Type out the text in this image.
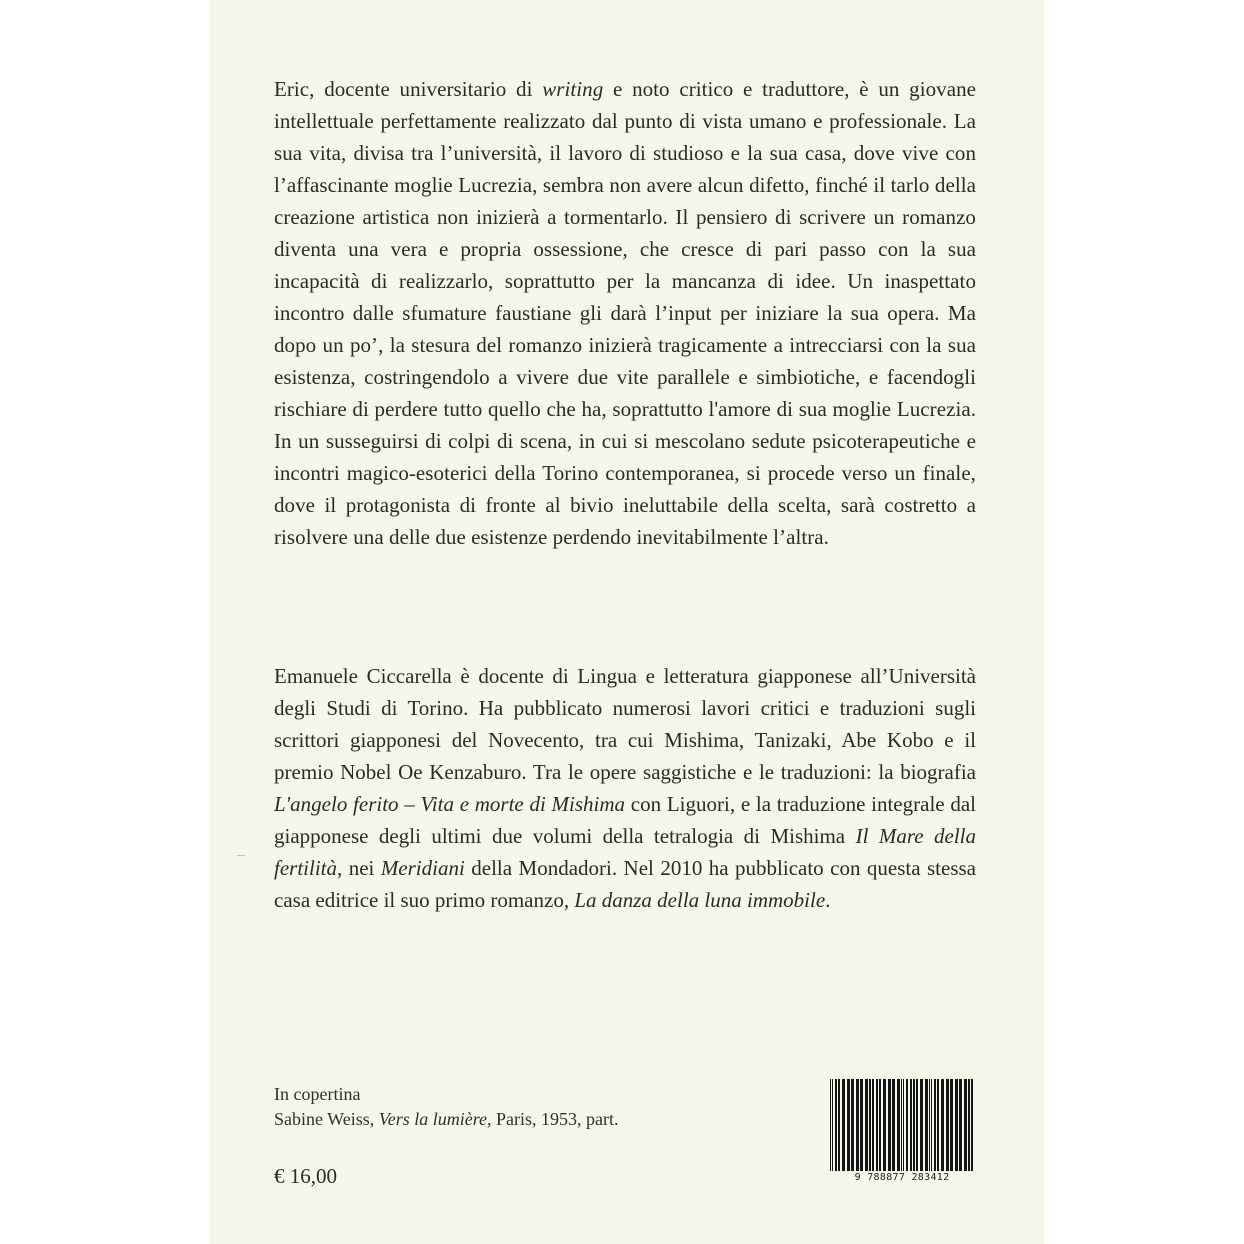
Eric, docente universitario di writing e noto critico e traduttore, è un giovane intellettuale perfettamente realizzato dal punto di vista umano e professionale. La sua vita, divisa tra l’università, il lavoro di studioso e la sua casa, dove vive con l’affascinante moglie Lucrezia, sembra non avere alcun difetto, finché il tarlo della creazione artistica non inizierà a tormentarlo. Il pensiero di scrivere un romanzo diventa una vera e propria ossessione, che cresce di pari passo con la sua incapacità di realizzarlo, soprattutto per la mancanza di idee. Un inaspettato incontro dalle sfumature faustiane gli darà l’input per iniziare la sua opera. Ma dopo un po’, la stesura del romanzo inizierà tragicamente a intrecciarsi con la sua esistenza, costringendolo a vivere due vite parallele e simbiotiche, e facendogli rischiare di perdere tutto quello che ha, soprattutto l'amore di sua moglie Lucrezia. In un susseguirsi di colpi di scena, in cui si mescolano sedute psicoterapeutiche e incontri magico-esoterici della Torino contemporanea, si procede verso un finale, dove il protagonista di fronte al bivio ineluttabile della scelta, sarà costretto a risolvere una delle due esistenze perdendo inevitabilmente l’altra.

Emanuele Ciccarella è docente di Lingua e letteratura giapponese all’Università degli Studi di Torino. Ha pubblicato numerosi lavori critici e traduzioni sugli scrittori giapponesi del Novecento, tra cui Mishima, Tanizaki, Abe Kobo e il premio Nobel Oe Kenzaburo. Tra le opere saggistiche e le traduzioni: la biografia L'angelo ferito – Vita e morte di Mishima con Liguori, e la traduzione integrale dal giapponese degli ultimi due volumi della tetralogia di Mishima Il Mare della fertilità, nei Meridiani della Mondadori. Nel 2010 ha pubblicato con questa stessa casa editrice il suo primo romanzo, La danza della luna immobile.

In copertina
Sabine Weiss, Vers la lumière, Paris, 1953, part.
€ 16,00	9 788877 283412
